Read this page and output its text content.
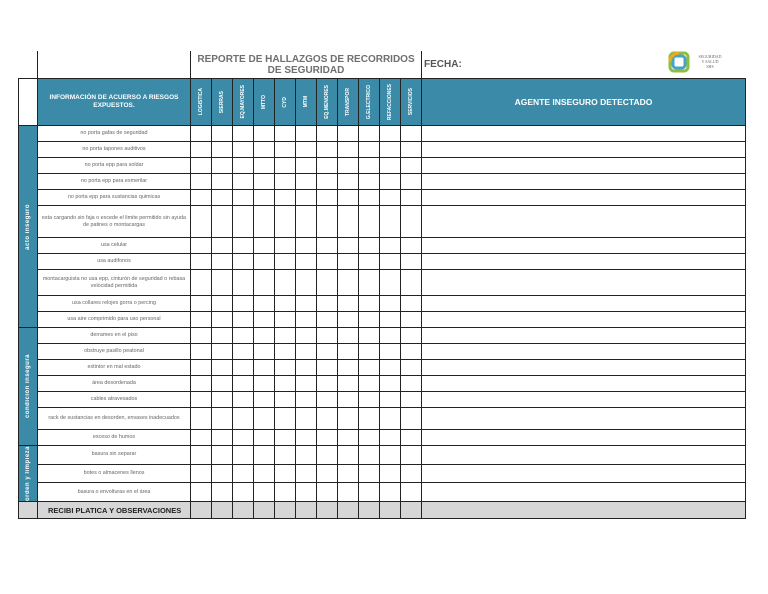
		REPORTE DE HALLAZGOS DE RECORRIDOS DE SEGURIDAD											FECHA:
SEGURIDAD
Y SALUD
SHS

	INFORMACIÓN DE ACUERSO A RIESGOS EXPUESTOS.	LOGISTICA	SIERRAS	EQ.MAYORES	MTTO	CYD	MTM	EQ.MENORES	TRANSPOR	G.ELECTRICO	REFACCIONES	SERVICIOS	AGENTE INSEGURO DETECTADO

acto inseguro	no porta gafas de seguridad												
	no porta tapones auditivos												
	no porta epp para soldar												
	no porta epp para esmerilar												
	no porta epp para sustancias quimicas												
	esta cargando sin faja o excede el limite permitido sin ayuda de patines o montacargas												
	usa celular												
	usa audifonos												
	montacarguista no usa epp, cinturón de seguridad o rebasa velocidad permitida												
	usa collares relojes gorra o percing												
	usa aire comprimido para uso personal												

condición insegura	derrames en el piso												
	obstruye pasillo peatonal												
	extintor en mal estado												
	área desordenada												
	cables atravesados												
	rack de sustancias en desorden, envases inadecuados												
	exceso de humos												

orden y limpieza	basura sin separar												
	botes o almacenes llenos												
	basura o envolturas en el área												
	RECIBI PLATICA Y OBSERVACIONES												
